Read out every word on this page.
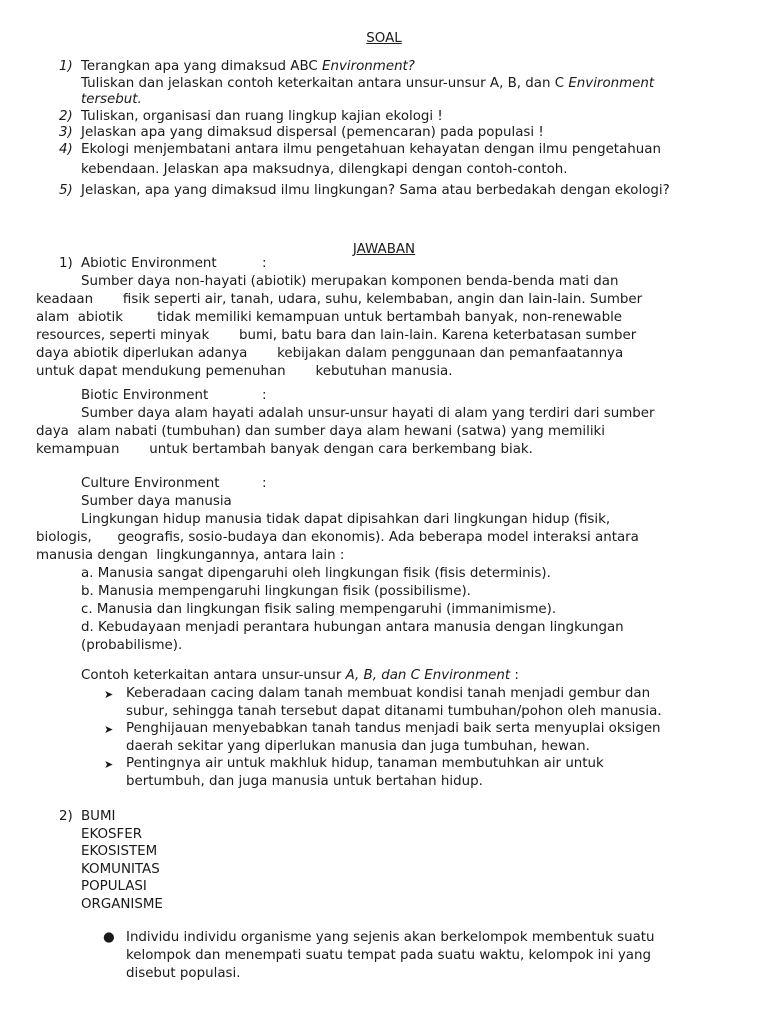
SOAL
1) Terangkan apa yang dimaksud ABC Environment?
Tuliskan dan jelaskan contoh keterkaitan antara unsur-unsur A, B, dan C Environment
tersebut.
2) Tuliskan, organisasi dan ruang lingkup kajian ekologi !
3) Jelaskan apa yang dimaksud dispersal (pemencaran) pada populasi !
4) Ekologi menjembatani antara ilmu pengetahuan kehayatan dengan ilmu pengetahuan kebendaan. Jelaskan apa maksudnya, dilengkapi dengan contoh-contoh.
5) Jelaskan, apa yang dimaksud ilmu lingkungan? Sama atau berbedakah dengan ekologi?
JAWABAN
1) Abiotic Environment	:
Sumber daya non-hayati (abiotik) merupakan komponen benda-benda mati dan
keadaan       fisik seperti air, tanah, udara, suhu, kelembaban, angin dan lain-lain. Sumber
alam  abiotik        tidak memiliki kemampuan untuk bertambah banyak, non-renewable
resources, seperti minyak       bumi, batu bara dan lain-lain. Karena keterbatasan sumber
daya abiotik diperlukan adanya       kebijakan dalam penggunaan dan pemanfaatannya
untuk dapat mendukung pemenuhan       kebutuhan manusia.
Biotic Environment	:
Sumber daya alam hayati adalah unsur-unsur hayati di alam yang terdiri dari sumber
daya  alam nabati (tumbuhan) dan sumber daya alam hewani (satwa) yang memiliki
kemampuan       untuk bertambah banyak dengan cara berkembang biak.
Culture Environment	:
Sumber daya manusia
Lingkungan hidup manusia tidak dapat dipisahkan dari lingkungan hidup (fisik,
biologis,      geografis, sosio-budaya dan ekonomis). Ada beberapa model interaksi antara
manusia dengan  lingkungannya, antara lain :
a. Manusia sangat dipengaruhi oleh lingkungan fisik (fisis determinis).
b. Manusia mempengaruhi lingkungan fisik (possibilisme).
c. Manusia dan lingkungan fisik saling mempengaruhi (immanimisme).
d. Kebudayaan menjadi perantara hubungan antara manusia dengan lingkungan
(probabilisme).
Contoh keterkaitan antara unsur-unsur A, B, dan C Environment :
➤ Keberadaan cacing dalam tanah membuat kondisi tanah menjadi gembur dan
subur, sehingga tanah tersebut dapat ditanami tumbuhan/pohon oleh manusia.
➤ Penghijauan menyebabkan tanah tandus menjadi baik serta menyuplai oksigen
daerah sekitar yang diperlukan manusia dan juga tumbuhan, hewan.
➤ Pentingnya air untuk makhluk hidup, tanaman membutuhkan air untuk
bertumbuh, dan juga manusia untuk bertahan hidup.
2) BUMI
EKOSFER
EKOSISTEM
KOMUNITAS
POPULASI
ORGANISME
● Individu individu organisme yang sejenis akan berkelompok membentuk suatu
kelompok dan menempati suatu tempat pada suatu waktu, kelompok ini yang
disebut populasi.
